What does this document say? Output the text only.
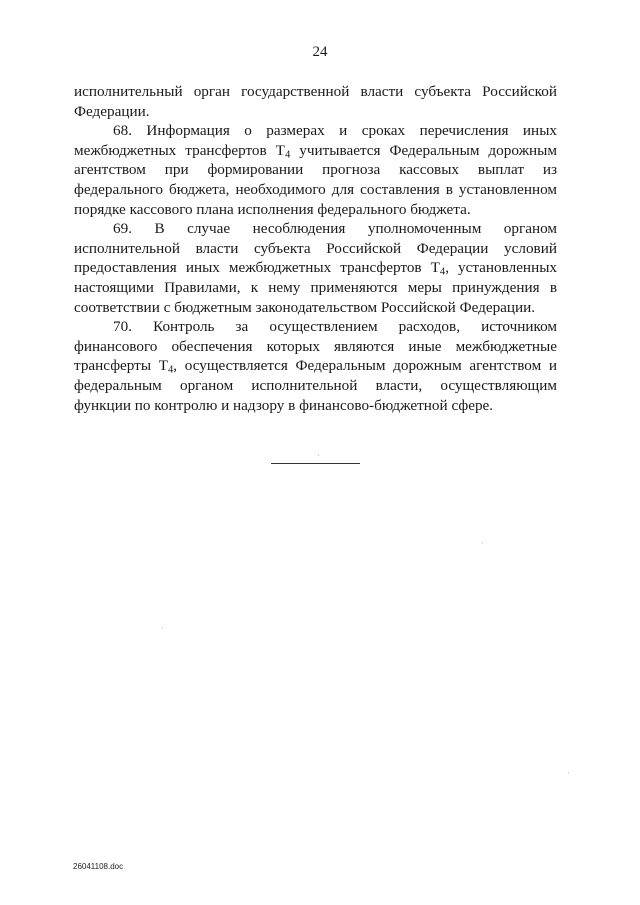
24

исполнительный орган государственной власти субъекта Российской Федерации.

68. Информация о размерах и сроках перечисления иных межбюджетных трансфертов $Т_4$ учитывается Федеральным дорожным агентством при формировании прогноза кассовых выплат из федерального бюджета, необходимого для составления в установленном порядке кассового плана исполнения федерального бюджета.

69. В случае несоблюдения уполномоченным органом исполнительной власти субъекта Российской Федерации условий предоставления иных межбюджетных трансфертов $Т_4$, установленных настоящими Правилами, к нему применяются меры принуждения в соответствии с бюджетным законодательством Российской Федерации.

70. Контроль за осуществлением расходов, источником финансового обеспечения которых являются иные межбюджетные трансферты $Т_4$, осуществляется Федеральным дорожным агентством и федеральным органом исполнительной власти, осуществляющим функции по контролю и надзору в финансово-бюджетной сфере.

26041108.doc
